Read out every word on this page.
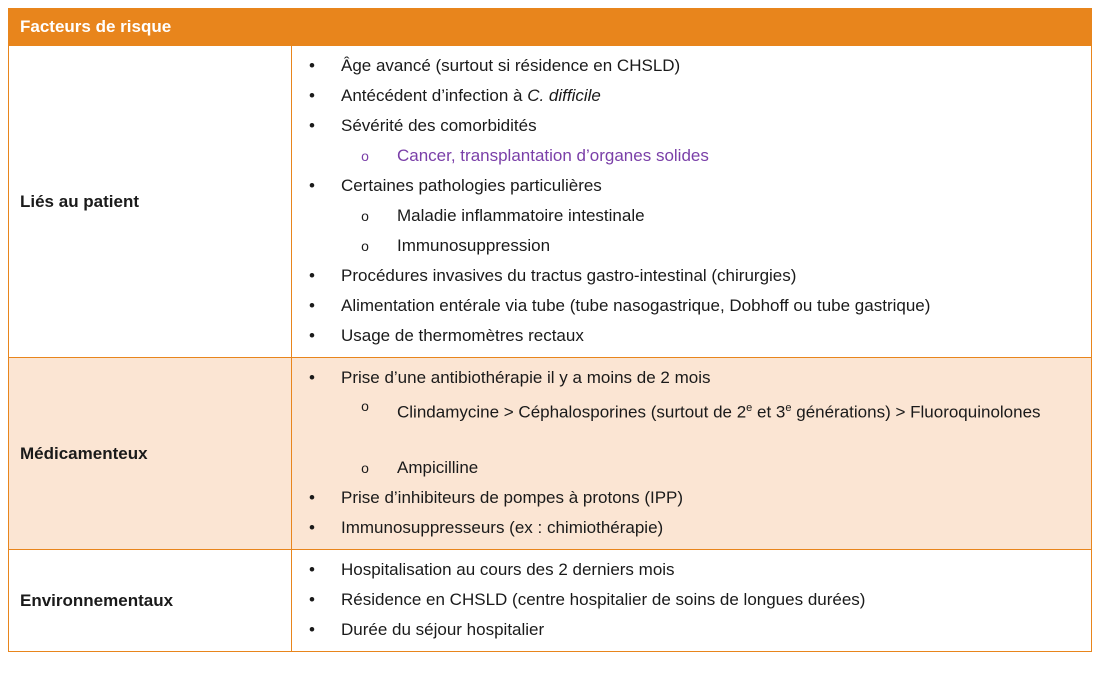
Facteurs de risque
Liés au patient
• Âge avancé (surtout si résidence en CHSLD)
• Antécédent d’infection à C. difficile
• Sévérité des comorbidités
o Cancer, transplantation d’organes solides
• Certaines pathologies particulières
o Maladie inflammatoire intestinale
o Immunosuppression
• Procédures invasives du tractus gastro-intestinal (chirurgies)
• Alimentation entérale via tube (tube nasogastrique, Dobhoff ou tube gastrique)
• Usage de thermomètres rectaux
Médicamenteux
• Prise d’une antibiothérapie il y a moins de 2 mois
o Clindamycine > Céphalosporines (surtout de 2e et 3e générations) > Fluoroquinolones
o Ampicilline
• Prise d’inhibiteurs de pompes à protons (IPP)
• Immunosuppresseurs (ex : chimiothérapie)
Environnementaux
• Hospitalisation au cours des 2 derniers mois
• Résidence en CHSLD (centre hospitalier de soins de longues durées)
• Durée du séjour hospitalier
